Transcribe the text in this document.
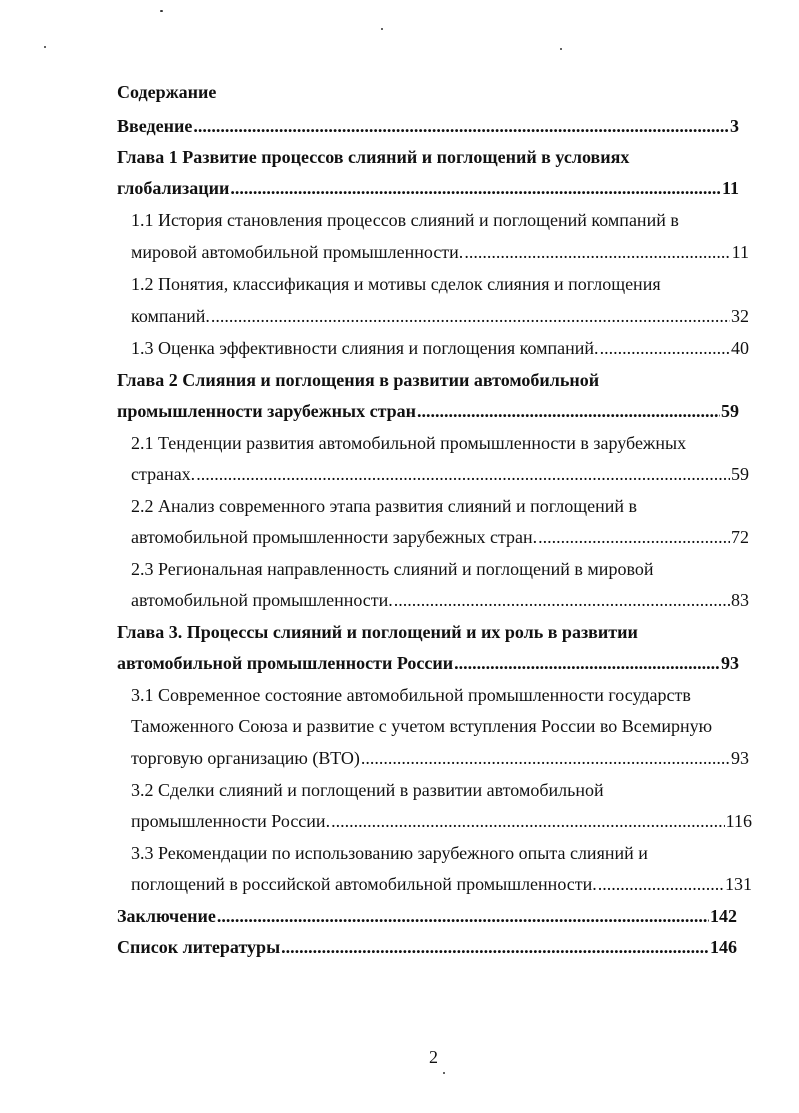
Содержание
Введение .....	3
Глава 1 Развитие процессов слияний и поглощений в условиях
глобализации .....	11
1.1 История становления процессов слияний и поглощений компаний в
мировой автомобильной промышленности. .....	11
1.2 Понятия, классификация и мотивы сделок слияния и поглощения
компаний. .....	32
1.3 Оценка эффективности слияния и поглощения компаний. .....	40
Глава 2 Слияния и поглощения в развитии автомобильной
промышленности зарубежных стран .....	59
2.1 Тенденции развития автомобильной промышленности в зарубежных
странах. .....	59
2.2 Анализ современного этапа развития слияний и поглощений в
автомобильной промышленности зарубежных стран. .....	72
2.3 Региональная направленность слияний и поглощений в мировой
автомобильной промышленности. .....	83
Глава 3. Процессы слияний и поглощений и их роль в развитии
автомобильной промышленности России .....	93
3.1 Современное состояние автомобильной промышленности государств
Таможенного Союза и развитие с учетом вступления России во Всемирную
торговую организацию (ВТО) .....	93
3.2 Сделки слияний и поглощений в развитии автомобильной
промышленности России. .....	116
3.3 Рекомендации по использованию зарубежного опыта слияний и
поглощений в российской автомобильной промышленности. .....	131
Заключение .....	142
Список литературы .....	146
2
